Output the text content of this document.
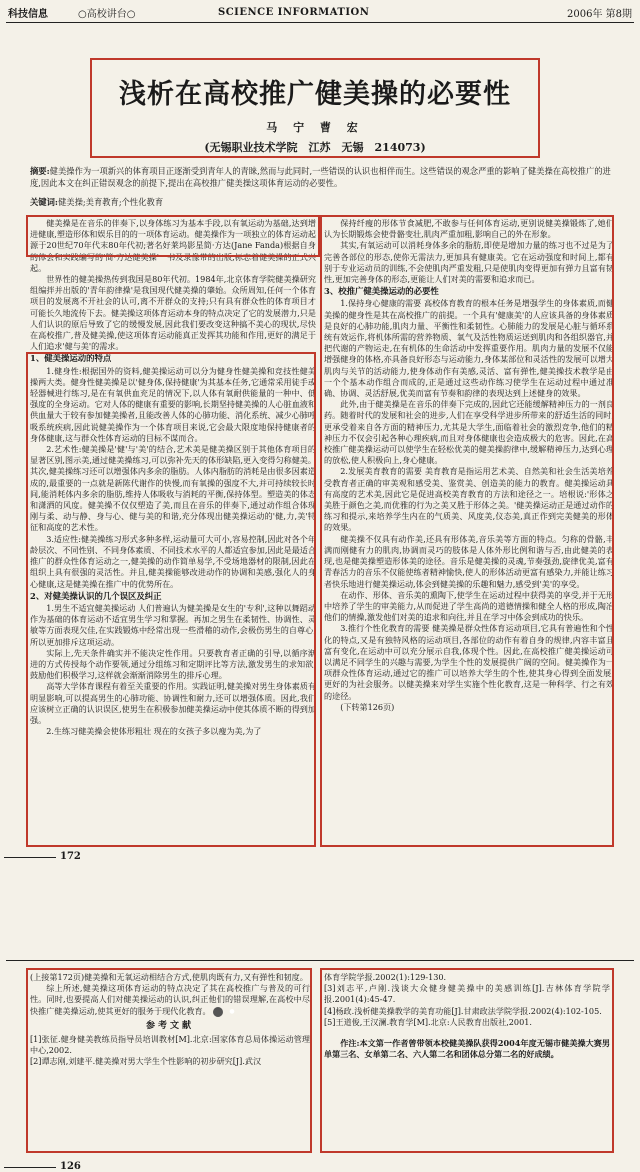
科技信息	○高校讲台○	SCIENCE INFORMATION	2006年 第8期
浅析在高校推广健美操的必要性
马 宁 曹 宏
(无锡职业技术学院　江苏　无锡　214073)
摘要:健美操作为一项新兴的体育项目正逐渐受到青年人的青睐,然而与此同时,一些错误的认识也相伴而生。这些错误的观念严重的影响了健美操在高校推广的进度,因此本文在纠正错误观念的前提下,提出在高校推广健美操这项体育运动的必要性。
关键词:健美操;美育教育;个性化教育

健美操是在音乐的伴奏下,以身体练习为基本手段,以有氧运动为基础,达到增进健康,塑造形体和娱乐目的的一项体育运动。健美操作为一项独立的体育运动起源于20世纪70年代末80年代初;著名好莱坞影星简·方达(Jane Fanda)根据自身的体会和实践编写的'简·方达健美操'一书及录像带的出版,标志着健美操的正式兴起。

世界性的健美操热传到我国是80年代初。1984年,北京体育学院健美操研究组编拌并出版的'青年韵律操'是我国现代健美操的肇始。众所周知,任何一个体育项目的发展离不开社会的认可,离不开群众的支持;只有具有群众性的体育项目才可能长久地流传下去。健美操这项体育运动本身的特点决定了它的发展潜力,只是人们认识的原后导致了它的缓慢发展,因此我们要改变这种搞不美心的现状,尽快在高校推广,普及健美操,使这项体育运动能真正发挥其功能和作用,更好的满足于人们追求'健与美'的需求。

1、健美操运动的特点

1.健身性:根据国外的资料,健美操运动可以分为健身性健美操和竞技性健美操两大类。健身性健美操是以'健身体,保持健康'为其基本任务,它通常采用徒手或轻器械进行练习,是在有氧供血充足的情况下,以人体有氧耐供能量的一种中、低强度的全身运动。它对人体的健康有重要的影响,长期坚持健美操的人心脏血液和供血量大于较有参加健美操者,且能改善人体的心肺功能、消化系统、减少心肺呼吸系统疾病,因此说健美操作为一个体育项目来说,它会最大限度地保持健康者的身体健康,这与群众性体育运动的目标不谋而合。

2.艺术性:健美操是'健'与'美'的结合,艺术美是健美操区别于其他体育项目的显著区别,图示美,通过健美操练习,可以弥补先天的体形缺陷,更入变得匀称健美。其次,健美操练习还可以增强体内多余的脂肪。人体内脂肪的消耗是由很多因素造成的,最重要的一点就是新陈代谢作的快慢,而有氧操的强度不大,并可持续较长时间,能消耗体内多余的脂肪,维持人体吸收与消耗的平衡,保持体型。塑造美的体态和潇洒的风度。健美操不仅仅塑造了美,而且在音乐的伴奏下,通过动作组合体现刚与柔、动与静、身与心、健与美的和谐,充分体现出健美操运动的'健,力,美'特征和高度的艺术性。

3.适应性:健美操练习形式多种多样,运动量可大可小,容易控制,因此对各个年龄层次、不同性别、不同身体素质、不同技术水平的人都适宜参加,因此是最适合推广的群众性体育运动之一,健美操的动作简单易学,不受场地器材的限制,因此在组织上具有很强的灵活性。并且,健美操能够改进动作的协调和美感,强化人的身心健康,这是健美操在推广中的优势所在。

2、对健美操认识的几个误区及纠正

1.男生不适宜健美操运动 人们普遍认为健美操是女生的'专利',这种以舞蹈动作为基础的体育运动不适宜男生学习和掌握。再加之男生在柔韧性、协调性、灵敏等方面表现欠佳,在实践锻炼中经常出现一些滑稽的动作,会极伤男生的自尊心,所以更加排斥这项运动。

实际上,先天条件确实并不能决定性作用。只要教育者正确的引导,以循序渐进的方式传授每个动作要领,通过分组练习和定期评比等方法,激发男生的求知欲,鼓励他们积极学习,这样就会渐渐消除男生的排斥心理。

高等大学体育课程有着至关重要的作用。实践证明,健美操对男生身体素质有明显影响,可以提高男生的心肺功能、协调性和耐力,还可以增强体质。因此,我们应该树立正确的认识误区,使男生在积极参加健美操运动中使其体质不断的得到加强。

2.生练习健美操会使体形粗壮 现在的女孩子多以瘦为美,为了

保持纤瘦的形体节食减肥,不敢参与任何体育运动,更别说健美操锻炼了,她们认为长期锻炼会使骨骼变壮,肌肉严重加粗,影响自己的外在形象。

其实,有氧运动可以消耗身体多余的脂肪,即使是增加力量的练习也不过是为了完善各部位的形态,使你无需法力,更加具有健康美。它在运动强度和时间上,都有别于专业运动员的训练,不会使肌肉严重发粗,只是使肌肉变得更加有弹力且富有韧性,更加完善身体的形态,更能让人们对美的需要和追求而已。

3、校推广健美操运动的必要性

1.保持身心健康的需要 高校体育教育的根本任务是增强学生的身体素质,而健美操的健身性是其在高校推广的前提。一个具有'健康美'的人应该具备的身体素质是良好的心肺功能,肌肉力量、平衡性和柔韧性。心肺能力的发展是心脏与循环系统有效运作,将机体所需的营养物质、氧气及活性物质运送到肌肉和各组织器官,并把代谢的产物运走,在有机体的生命活动中发挥重要作用。肌肉力量的发展不仅能增强健身的体格,亦具备良好形态与运动能力,身体某部位和灵活性的发展可以增大肌肉与关节的活动能力,使身体动作有美感,灵活、富有弹性,健美操技术教学是由一个个基本动作组合而成的,正是通过这些动作练习使学生在运动过程中通过准确、协调、灵活舒展,优美而富有节奏和韵律的表现达到上述健身的效果。

此外,由于健美操是在音乐的伴奏下完成的,因此它还能缓解精神压力的一剂良药。随着时代的发展和社会的进步,人们在享受科学进步所带来的舒适生活的同时,更承受着来自各方面的精神压力,尤其是大学生,面临着社会的激烈竞争,他们的精神压力不仅会引起各种心理疾病,而且对身体健康也会造成极大的危害。因此,在高校推广健美操运动可以使学生在轻松优美的健美操韵律中,缓解精神压力,达到心理的放松,使人积极向上,身心健康。

2.发展美育教育的需要 美育教育是指运用艺术美、自然美和社会生活美培养受教育者正确的审美观和感受美、鉴赏美、创造美的能力的教育。健美操运动具有高度的艺术美,因此它是促进高校美育教育的方法和途径之一。培根说:'形体之美胜于颜色之美,而优雅的行为之美又胜于形体之美。'健美操运动正是通过动作的练习和提示,来培养学生内在的气质美、风度美,仪态美,真正作到完美健美的形体的效果。

健美操不仅具有动作美,还具有形体美,音乐美等方面的特点。匀称的骨骼,丰满而刚健有力的肌肉,协调而灵巧的肢体是人体外形比例和谐与否,由此健美的表现,也是健美操塑造形体美的途径。音乐是健美操的灵魂,节奏强劲,旋律优美,富有青春活力的音乐不仅能使练者精神愉快,使人的形体活动更富有感染力,并能让练习者快乐地进行健美操运动,体会到健美操的乐趣和魅力,感受到'美'的享受。

在动作、形体、音乐美的熏陶下,使学生在运动过程中获得美的享受,并于无形中培养了学生的审美能力,从而促进了学生高尚的道德情操和健全人格的形成,陶冶他们的情操,激发他们对美的追求和向往,并且在学习中体会到成功的快乐。

3.推行个性化教育的需要 健美操是群众性体育运动项目,它具有普遍性和个性化的特点,又是有独特风格的运动项目,各部位的动作有着自身的规律,内容丰富且富有变化,在运动中可以充分展示自我,体现个性。因此,在高校推广健美操运动可以满足不同学生的兴趣与需要,为学生个性的发展提供广阔的空间。健美操作为一项群众性体育运动,通过它的推广可以培养大学生的个性,使其身心得到全面发展,更好的为社会服务。以健美操来对学生实施个性化教育,这是一种科学、行之有效的途径。

(下转第126页)

172

(上接第172页)健美操和无氧运动相结合方式,使肌肉既有力,又有弹性和韧度。

综上所述,健美操这项体育运动的特点决定了其在高校推广与普及的可行性。同时,也要提高人们对健美操运动的认识,纠正他们的错误理解,在高校中尽快推广健美操运动,使其更好的服务于现代化教育。	●

参考文献

[1]张征.健身健美教练员指导员培训教材[M].北京:国家体育总局体操运动管理中心,2002.

[2]谭志刚,刘建平.健美操对男大学生个性影响的初步研究[J].武汉

体育学院学报.2002(1):129-130.

[3]刘志平,卢刚.浅谈大众健身健美操中的美感训练[J].吉林体育学院学报.2001(4):45-47.

[4]杨政.浅析健美操教学的美育功能[J].甘肃政法学院学报.2002(4):102-105.

[5]王道俊,王汉澜.教育学[M].北京:人民教育出版社,2001.

作注:本文第一作者曾带领本校健美操队获得2004年度无锡市健美操大赛男单第三名、女单第二名、六人第二名和团体总分第二名的好成绩。

126
